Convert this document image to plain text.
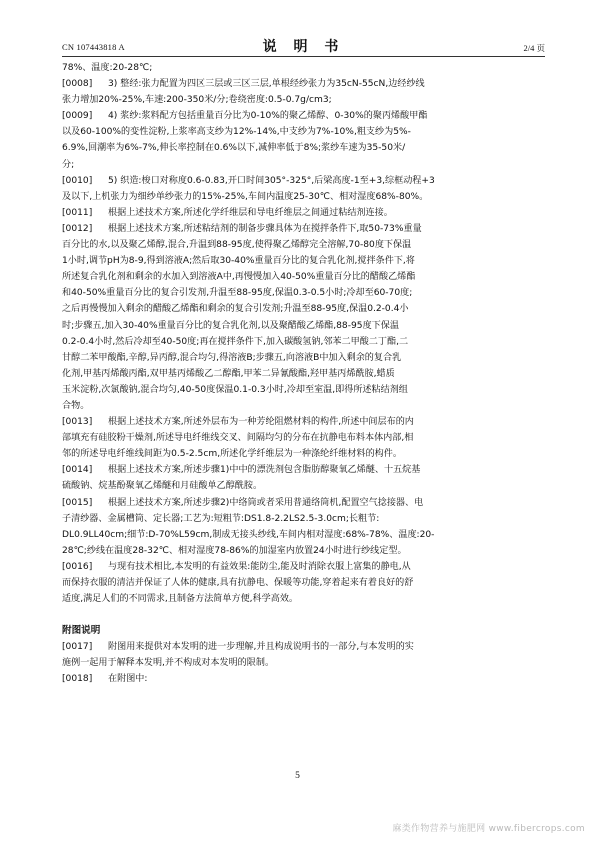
CN 107443818 A	说 明 书	2/4 页
78%、温度:20-28℃;
[0008] 3) 整经:张力配置为四区三层或三区三层,单根经纱张力为35cN-55cN,边经纱线
张力增加20%-25%,车速:200-350米/分;卷绕密度:0.5-0.7g/cm3;
[0009] 4) 浆纱:浆料配方包括重量百分比为0-10%的聚乙烯醇、0-30%的聚丙烯酸甲酯
以及60-100%的变性淀粉,上浆率高支纱为12%-14%,中支纱为7%-10%,粗支纱为5%-
6.9%,回潮率为6%-7%,伸长率控制在0.6%以下,减伸率低于8%;浆纱车速为35-50米/
分;
[0010] 5) 织造:梭口对称度0.6-0.83,开口时间305°-325°,后梁高度-1至+3,综框动程+3
及以下,上机张力为细纱单纱张力的15%-25%,车间内温度25-30℃、相对湿度68%-80%。
[0011] 根据上述技术方案,所述化学纤维层和导电纤维层之间通过粘结剂连接。
[0012] 根据上述技术方案,所述粘结剂的制备步骤具体为在搅拌条件下,取50-73%重量
百分比的水,以及聚乙烯醇,混合,升温到88-95度,使得聚乙烯醇完全溶解,70-80度下保温
1小时,调节pH为8-9,得到溶液A;然后取30-40%重量百分比的复合乳化剂,搅拌条件下,将
所述复合乳化剂和剩余的水加入到溶液A中,再慢慢加入40-50%重量百分比的醋酸乙烯酯
和40-50%重量百分比的复合引发剂,升温至88-95度,保温0.3-0.5小时;冷却至60-70度;
之后再慢慢加入剩余的醋酸乙烯酯和剩余的复合引发剂;升温至88-95度,保温0.2-0.4小
时;步骤五,加入30-40%重量百分比的复合乳化剂,以及聚醋酸乙烯酯,88-95度下保温
0.2-0.4小时,然后冷却至40-50度;再在搅拌条件下,加入碳酸氢钠,邻苯二甲酸二丁酯,二
甘醇二苯甲酸酯,辛醇,异丙醇,混合均匀,得溶液B;步骤五,向溶液B中加入剩余的复合乳
化剂,甲基丙烯酸丙酯,双甲基丙烯酸乙二醇酯,甲苯二异氰酸酯,羟甲基丙烯酰胺,蜡质
玉米淀粉,次氯酸钠,混合均匀,40-50度保温0.1-0.3小时,冷却至室温,即得所述粘结剂组
合物。
[0013] 根据上述技术方案,所述外层布为一种芳纶阻燃材料的构件,所述中间层布的内
部填充有硅胶粉干燥剂,所述导电纤维线交叉、间隔均匀的分布在抗静电布料本体内部,相
邻的所述导电纤维线间距为0.5-2.5cm,所述化学纤维层为一种涤纶纤维材料的构件。
[0014] 根据上述技术方案,所述步骤1)中中的漂洗剂包含脂肪醇聚氧乙烯醚、十五烷基
硫酸钠、烷基酚聚氧乙烯醚和月硅酸单乙醇酰胺。
[0015] 根据上述技术方案,所述步骤2)中络筒或者采用普通络筒机,配置空气捻接器、电
子清纱器、金属槽筒、定长器;工艺为:短粗节:DS1.8-2.2LS2.5-3.0cm;长粗节:
DL0.9LL40cm;细节:D-70%L59cm,制成无接头纱线,车间内相对湿度:68%-78%、温度:20-
28℃;纱线在温度28-32℃、相对湿度78-86%的加湿室内放置24小时进行纱线定型。
[0016] 与现有技术相比,本发明的有益效果:能防尘,能及时消除衣服上富集的静电,从
而保持衣服的清洁并保证了人体的健康,具有抗静电、保暖等功能,穿着起来有着良好的舒
适度,满足人们的不同需求,且制备方法简单方便,科学高效。
附图说明
[0017] 附图用来提供对本发明的进一步理解,并且构成说明书的一部分,与本发明的实
施例一起用于解释本发明,并不构成对本发明的限制。
[0018] 在附图中:
5
麻类作物营养与施肥网 www.fibercrops.com
